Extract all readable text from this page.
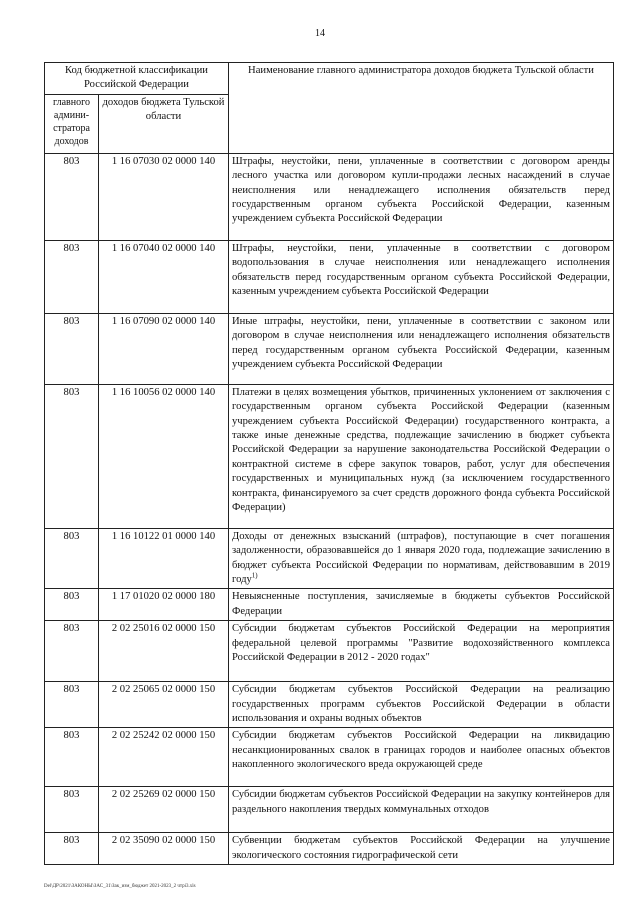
14
Код бюджетной классификации Российской Федерации		Наименование главного администратора доходов бюджета Тульской области
главного админи-стратора доходов	доходов бюджета Тульской области	
803	1 16 07030 02 0000 140	Штрафы, неустойки, пени, уплаченные в соответствии с договором аренды лесного участка или договором купли-продажи лесных насаждений в случае неисполнения или ненадлежащего исполнения обязательств перед государственным органом субъекта Российской Федерации, казенным учреждением субъекта Российской Федерации
803	1 16 07040 02 0000 140	Штрафы, неустойки, пени, уплаченные в соответствии с договором водопользования в случае неисполнения или ненадлежащего исполнения обязательств перед государственным органом субъекта Российской Федерации, казенным учреждением субъекта Российской Федерации
803	1 16 07090 02 0000 140	Иные штрафы, неустойки, пени, уплаченные в соответствии с законом или договором в случае неисполнения или ненадлежащего исполнения обязательств перед государственным органом субъекта Российской Федерации, казенным учреждением субъекта Российской Федерации
803	1 16 10056 02 0000 140	Платежи в целях возмещения убытков, причиненных уклонением от заключения с государственным органом субъекта Российской Федерации (казенным учреждением субъекта Российской Федерации) государственного контракта, а также иные денежные средства, подлежащие зачислению в бюджет субъекта Российской Федерации за нарушение законодательства Российской Федерации о контрактной системе в сфере закупок товаров, работ, услуг для обеспечения государственных и муниципальных нужд (за исключением государственного контракта, финансируемого за счет средств дорожного фонда субъекта Российской Федерации)
803	1 16 10122 01 0000 140	Доходы от денежных взысканий (штрафов), поступающие в счет погашения задолженности, образовавшейся до 1 января 2020 года, подлежащие зачислению в бюджет субъекта Российской Федерации по нормативам, действовавшим в 2019 году$^{1)}$
803	1 17 01020 02 0000 180	Невыясненные поступления, зачисляемые в бюджеты субъектов Российской Федерации
803	2 02 25016 02 0000 150	Субсидии бюджетам субъектов Российской Федерации на мероприятия федеральной целевой программы "Развитие водохозяйственного комплекса Российской Федерации в 2012 - 2020 годах"
803	2 02 25065 02 0000 150	Субсидии бюджетам субъектов Российской Федерации на реализацию государственных программ субъектов Российской Федерации в области использования и охраны водных объектов
803	2 02 25242 02 0000 150	Субсидии бюджетам субъектов Российской Федерации на ликвидацию несанкционированных свалок в границах городов и наиболее опасных объектов накопленного экологического вреда окружающей среде
803	2 02 25269 02 0000 150	Субсидии бюджетам субъектов Российской Федерации на закупку контейнеров для раздельного накопления твердых коммунальных отходов
803	2 02 35090 02 0000 150	Субвенции бюджетам субъектов Российской Федерации на улучшение экологического состояния гидрографической сети
Del\ДР\2021\ЗАКОНЫ\ЗАС_31\Зак_изм_бюджет 2021-2023_2 чтрі3.xls
